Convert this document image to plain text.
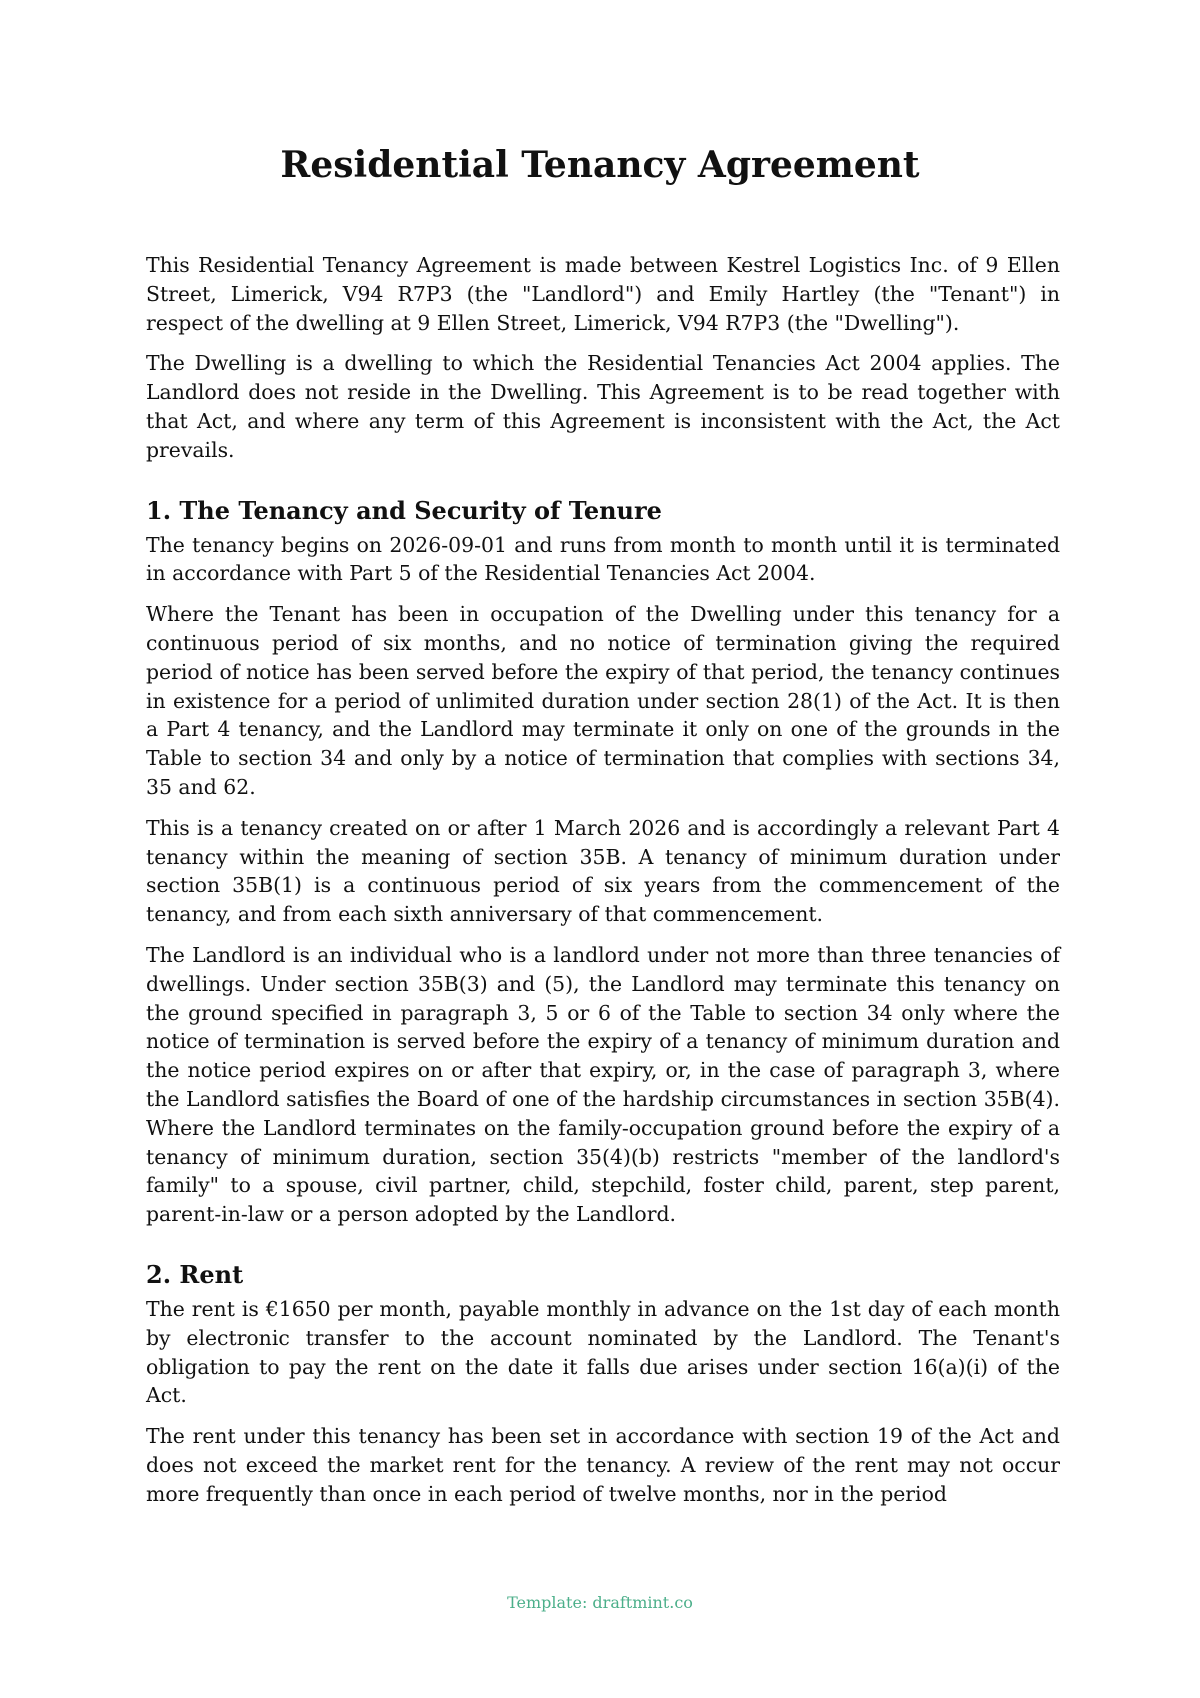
Residential Tenancy Agreement

This Residential Tenancy Agreement is made between Kestrel Logistics Inc. of 9 Ellen Street, Limerick, V94 R7P3 (the "Landlord") and Emily Hartley (the "Tenant") in respect of the dwelling at 9 Ellen Street, Limerick, V94 R7P3 (the "Dwelling").

The Dwelling is a dwelling to which the Residential Tenancies Act 2004 applies. The Landlord does not reside in the Dwelling. This Agreement is to be read together with that Act, and where any term of this Agreement is inconsistent with the Act, the Act prevails.

1. The Tenancy and Security of Tenure

The tenancy begins on 2026-09-01 and runs from month to month until it is terminated in accordance with Part 5 of the Residential Tenancies Act 2004.

Where the Tenant has been in occupation of the Dwelling under this tenancy for a continuous period of six months, and no notice of termination giving the required period of notice has been served before the expiry of that period, the tenancy continues in existence for a period of unlimited duration under section 28(1) of the Act. It is then a Part 4 tenancy, and the Landlord may terminate it only on one of the grounds in the Table to section 34 and only by a notice of termination that complies with sections 34, 35 and 62.

This is a tenancy created on or after 1 March 2026 and is accordingly a relevant Part 4 tenancy within the meaning of section 35B. A tenancy of minimum duration under section 35B(1) is a continuous period of six years from the commencement of the tenancy, and from each sixth anniversary of that commencement.

The Landlord is an individual who is a landlord under not more than three tenancies of dwellings. Under section 35B(3) and (5), the Landlord may terminate this tenancy on the ground specified in paragraph 3, 5 or 6 of the Table to section 34 only where the notice of termination is served before the expiry of a tenancy of minimum duration and the notice period expires on or after that expiry, or, in the case of paragraph 3, where the Landlord satisfies the Board of one of the hardship circumstances in section 35B(4). Where the Landlord terminates on the family-occupation ground before the expiry of a tenancy of minimum duration, section 35(4)(b) restricts "member of the landlord's family" to a spouse, civil partner, child, stepchild, foster child, parent, step parent, parent-in-law or a person adopted by the Landlord.

2. Rent

The rent is €1650 per month, payable monthly in advance on the 1st day of each month by electronic transfer to the account nominated by the Landlord. The Tenant's obligation to pay the rent on the date it falls due arises under section 16(a)(i) of the Act.

The rent under this tenancy has been set in accordance with section 19 of the Act and does not exceed the market rent for the tenancy. A review of the rent may not occur more frequently than once in each period of twelve months, nor in the period

Template: draftmint.co
